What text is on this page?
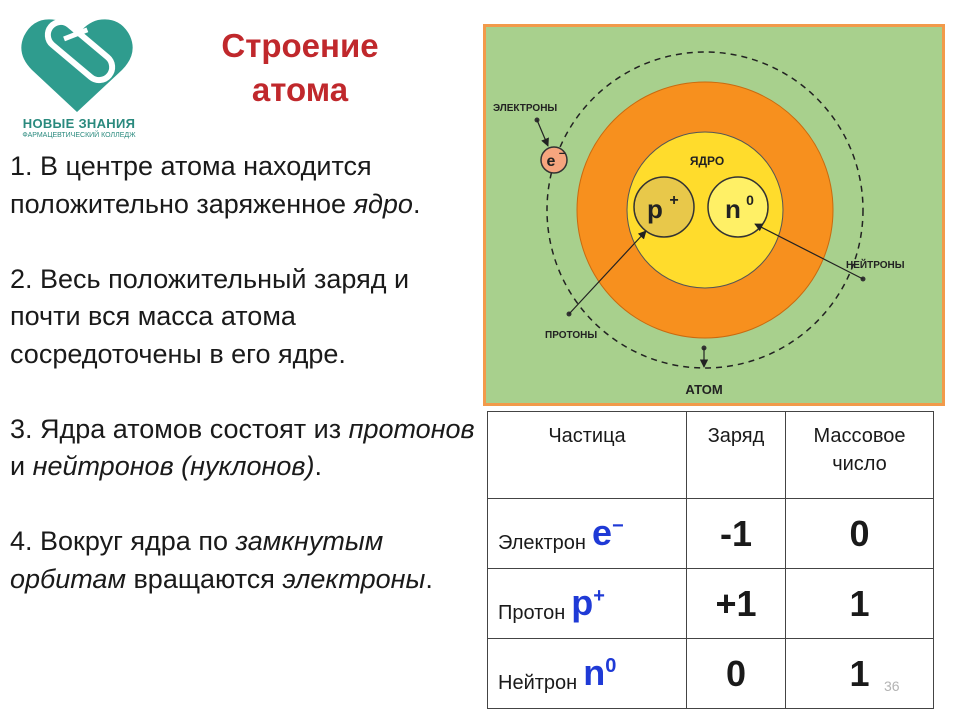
НОВЫЕ ЗНАНИЯ
ФАРМАЦЕВТИЧЕСКИЙ КОЛЛЕДЖ
Строение
атома

1. В центре атома находится положительно заряженное ядро.

2. Весь положительный заряд и почти вся масса атома сосредоточены в его ядре.

3. Ядра атомов состоят из протонов и нейтронов (нуклонов).

4. Вокруг ядра по замкнутым орбитам вращаются электроны.

ЯДРО
p + n 0
e −
ЭЛЕКТРОНЫ
НЕЙТРОНЫ
ПРОТОНЫ
АТОМ
Частица	Заряд	Массовое число
Электрон e−	-1	0
Протон p+	+1	1
Нейтрон $n^0$	0	1 36
